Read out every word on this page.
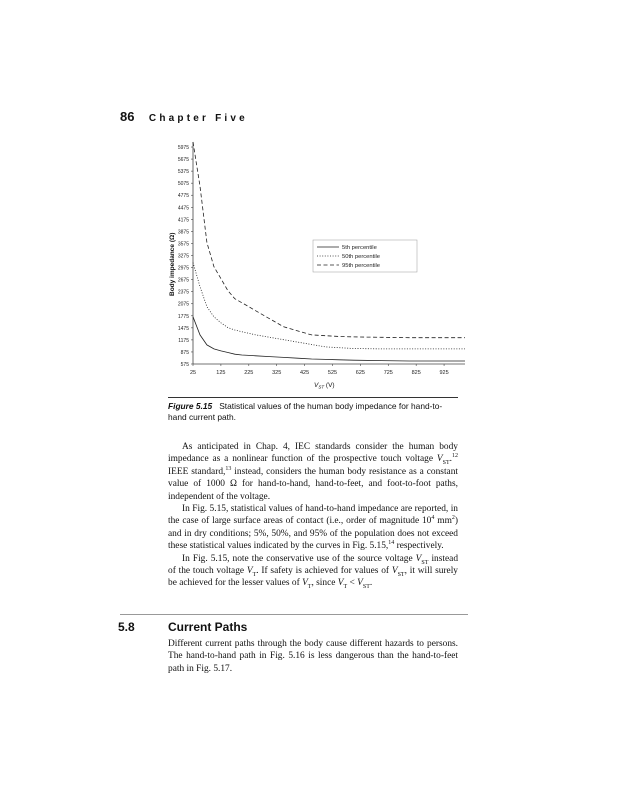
86 Chapter Five
575
875
1175
1475
1775
2075
2375
2675
2975
3275
3575
3875
4175
4475
4775
5075
5375
5675
5975
25	125	225	325	425	525	625	725	825	925
Body impedance (Ω)
$V_{ST}$ (V)
5th percentile
50th percentile
95th percentile
Figure 5.15 Statistical values of the human body impedance for hand-to-hand current path.

As anticipated in Chap. 4, IEC standards consider the human body impedance as a nonlinear function of the prospective touch voltage $V_{ST}.^{12}$ IEEE standard,$^{13}$ instead, considers the human body resistance as a constant value of 1000 Ω for hand-to-hand, hand-to-feet, and foot-to-foot paths, independent of the voltage.

In Fig. 5.15, statistical values of hand-to-hand impedance are reported, in the case of large surface areas of contact (i.e., order of magnitude $10^4$ $mm^2$) and in dry conditions; 5%, 50%, and 95% of the population does not exceed these statistical values indicated by the curves in Fig. 5.15,14 respectively.

In Fig. 5.15, note the conservative use of the source voltage $V_{ST}$ instead of the touch voltage $V_T$. If safety is achieved for values of $V_{ST}$, it will surely be achieved for the lesser values of $V_T$, since $V_T < V_{ST}$.

5.8	Current Paths

Different current paths through the body cause different hazards to persons. The hand-to-hand path in Fig. 5.16 is less dangerous than the hand-to-feet path in Fig. 5.17.
